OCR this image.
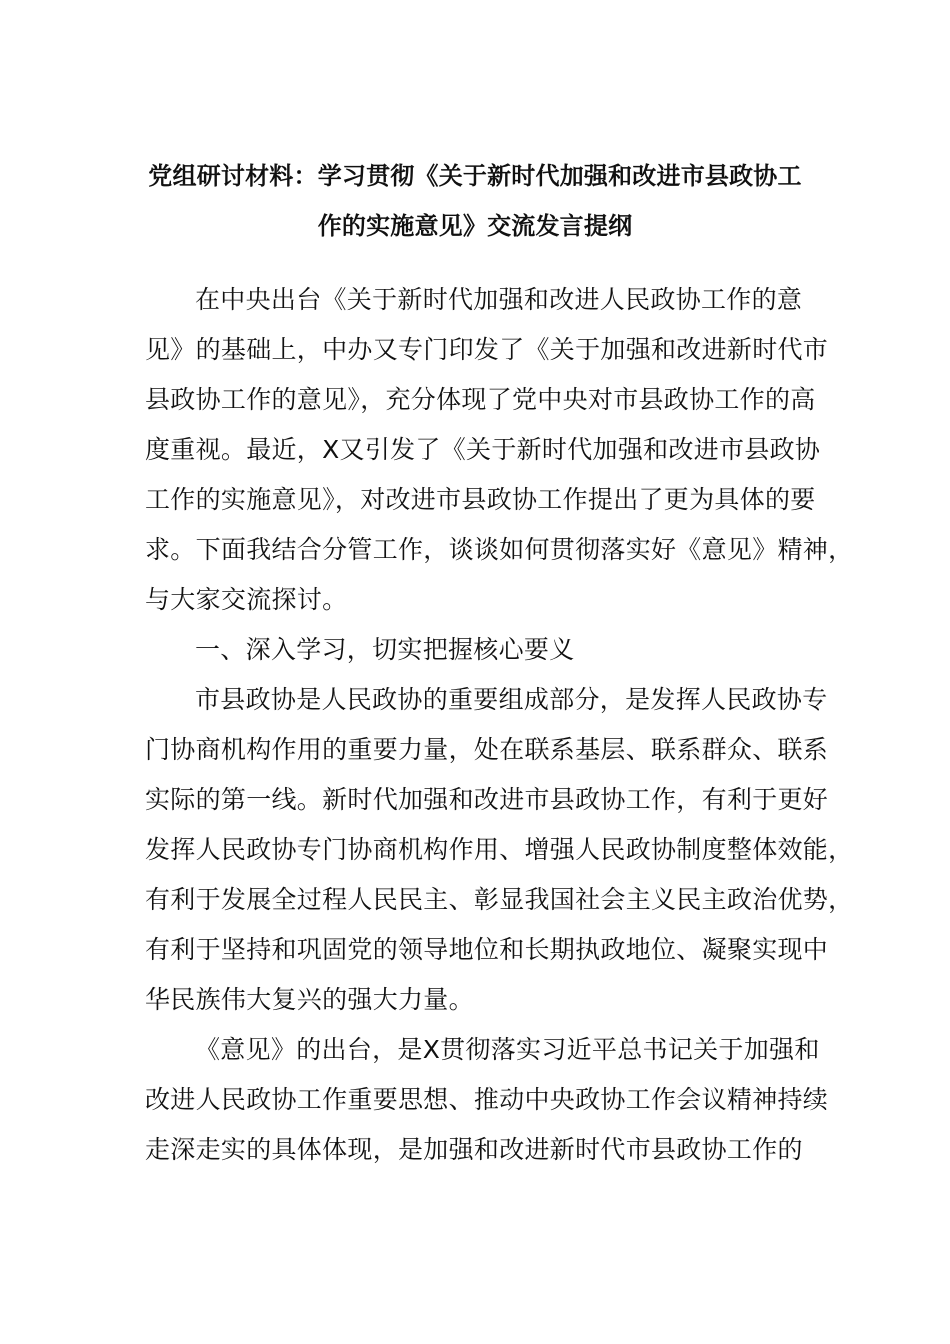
党组研讨材料：学习贯彻《关于新时代加强和改进市县政协工
作的实施意见》交流发言提纲
在中央出台《关于新时代加强和改进人民政协工作的意
见》的基础上，中办又专门印发了《关于加强和改进新时代市
县政协工作的意见》，充分体现了党中央对市县政协工作的高
度重视。最近，X又引发了《关于新时代加强和改进市县政协
工作的实施意见》，对改进市县政协工作提出了更为具体的要
求。下面我结合分管工作，谈谈如何贯彻落实好《意见》精神，
与大家交流探讨。
一、深入学习，切实把握核心要义
市县政协是人民政协的重要组成部分，是发挥人民政协专
门协商机构作用的重要力量，处在联系基层、联系群众、联系
实际的第一线。新时代加强和改进市县政协工作，有利于更好
发挥人民政协专门协商机构作用、增强人民政协制度整体效能，
有利于发展全过程人民民主、彰显我国社会主义民主政治优势，
有利于坚持和巩固党的领导地位和长期执政地位、凝聚实现中
华民族伟大复兴的强大力量。
《意见》的出台，是X贯彻落实习近平总书记关于加强和
改进人民政协工作重要思想、推动中央政协工作会议精神持续
走深走实的具体体现，是加强和改进新时代市县政协工作的
